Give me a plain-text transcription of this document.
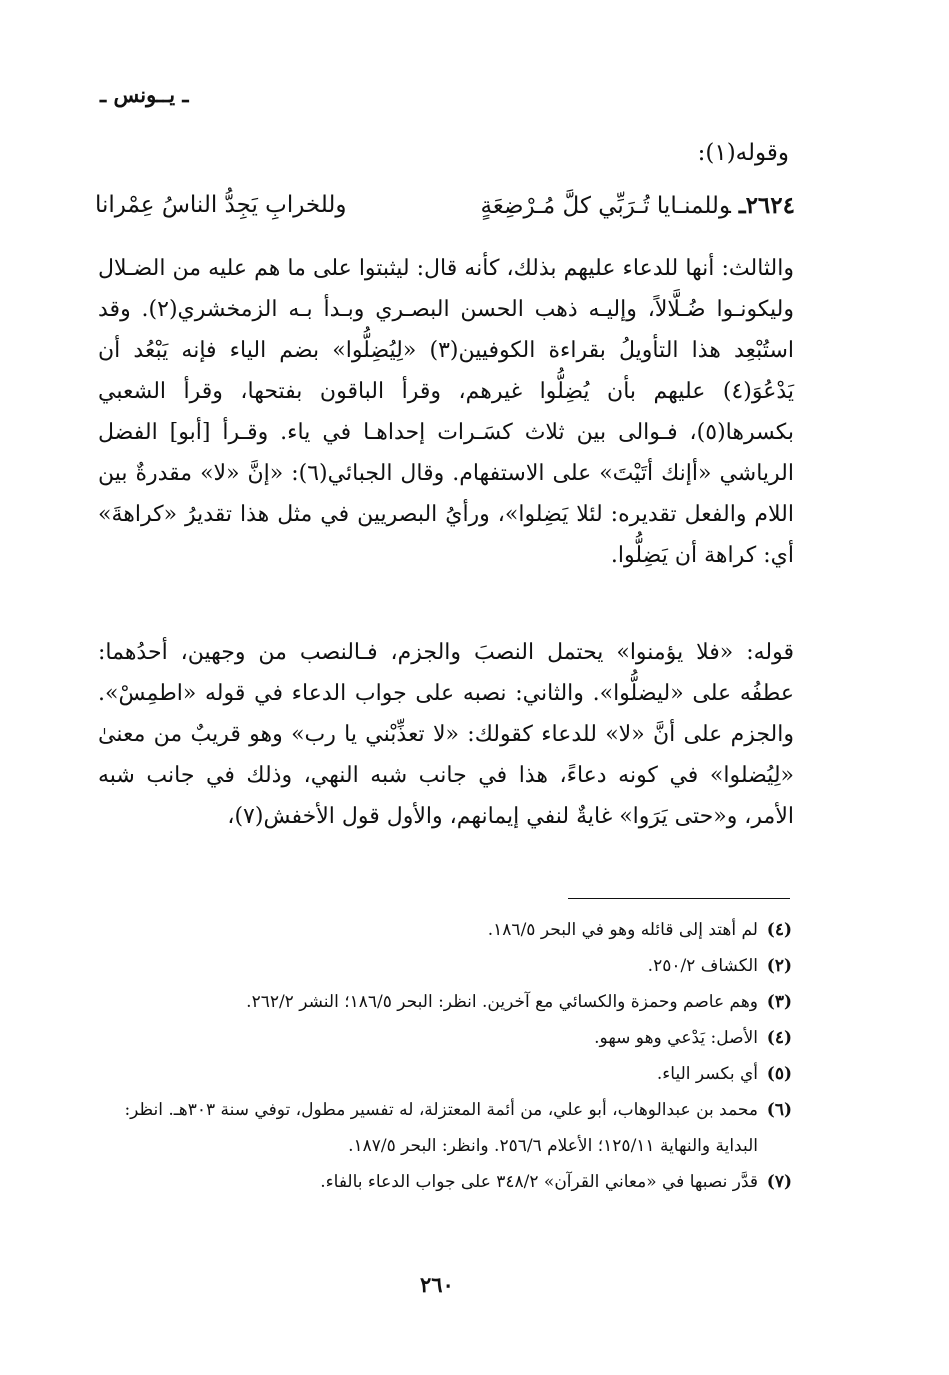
ـ يــونس ـ
وقوله(١):
٢٦٢٤ـوللمنـايا تُـرَبِّي كلَّ مُـرْضِعَةٍ
وللخرابِ يَجِدُّ الناسُ عِمْرانا
والثالث: أنها للدعاء عليهم بذلك، كأنه قال: ليثبتوا على ما هم عليه من الضـلال وليكونـوا ضُـلَّالاً، وإليـه ذهب الحسن البصـري وبـدأ بـه الزمخشري(٢). وقد استُبْعِد هذا التأويلُ بقراءة الكوفيين(٣) «لِيُضِلُّوا» بضم الياء فإنه يَبْعُد أن يَدْعُوَ(٤) عليهم بأن يُضِلُّوا غيرهم، وقرأ الباقون بفتحها، وقرأ الشعبي بكسرها(٥)، فـوالى بين ثلاث كسَـرات إحداهـا في ياء. وقـرأ [أبو] الفضل الرياشي «أإنك أتَيْتَ» على الاستفهام. وقال الجبائي(٦): «إنَّ «لا» مقدرةٌ بين اللام والفعل تقديره: لئلا يَضِلوا»، ورأيُ البصريين في مثل هذا تقديرُ «كراهةَ» أي: كراهة أن يَضِلُّوا.
قوله: «فلا يؤمنوا» يحتمل النصبَ والجزم، فـالنصب من وجهين، أحدُهما: عطفُه على «ليضلُّوا». والثاني: نصبه على جواب الدعاء في قوله «اطمِسْ». والجزم على أنَّ «لا» للدعاء كقولك: «لا تعذِّبْني يا رب» وهو قريبٌ من معنىٰ «لِيُضلوا» في كونه دعاءً، هذا في جانب شبه النهي، وذلك في جانب شبه الأمر، و«حتى يَرَوا» غايةٌ لنفي إيمانهم، والأول قول الأخفش(٧)،
(٤)
لم أهتد إلى قائله وهو في البحر ١٨٦/٥.
(٢)
الكشاف ٢٥٠/٢.
(٣)
وهم عاصم وحمزة والكسائي مع آخرين. انظر: البحر ١٨٦/٥؛ النشر ٢٦٢/٢.
(٤)
الأصل: يَدْعي وهو سهو.
(٥)
أي بكسر الياء.
(٦)
محمد بن عبدالوهاب، أبو علي، من أئمة المعتزلة، له تفسير مطول، توفي سنة ٣٠٣هـ. انظر: البداية والنهاية ١٢٥/١١؛ الأعلام ٢٥٦/٦. وانظر: البحر ١٨٧/٥.
(٧)
قدَّر نصبها في «معاني القرآن» ٣٤٨/٢ على جواب الدعاء بالفاء.
٢٦٠
